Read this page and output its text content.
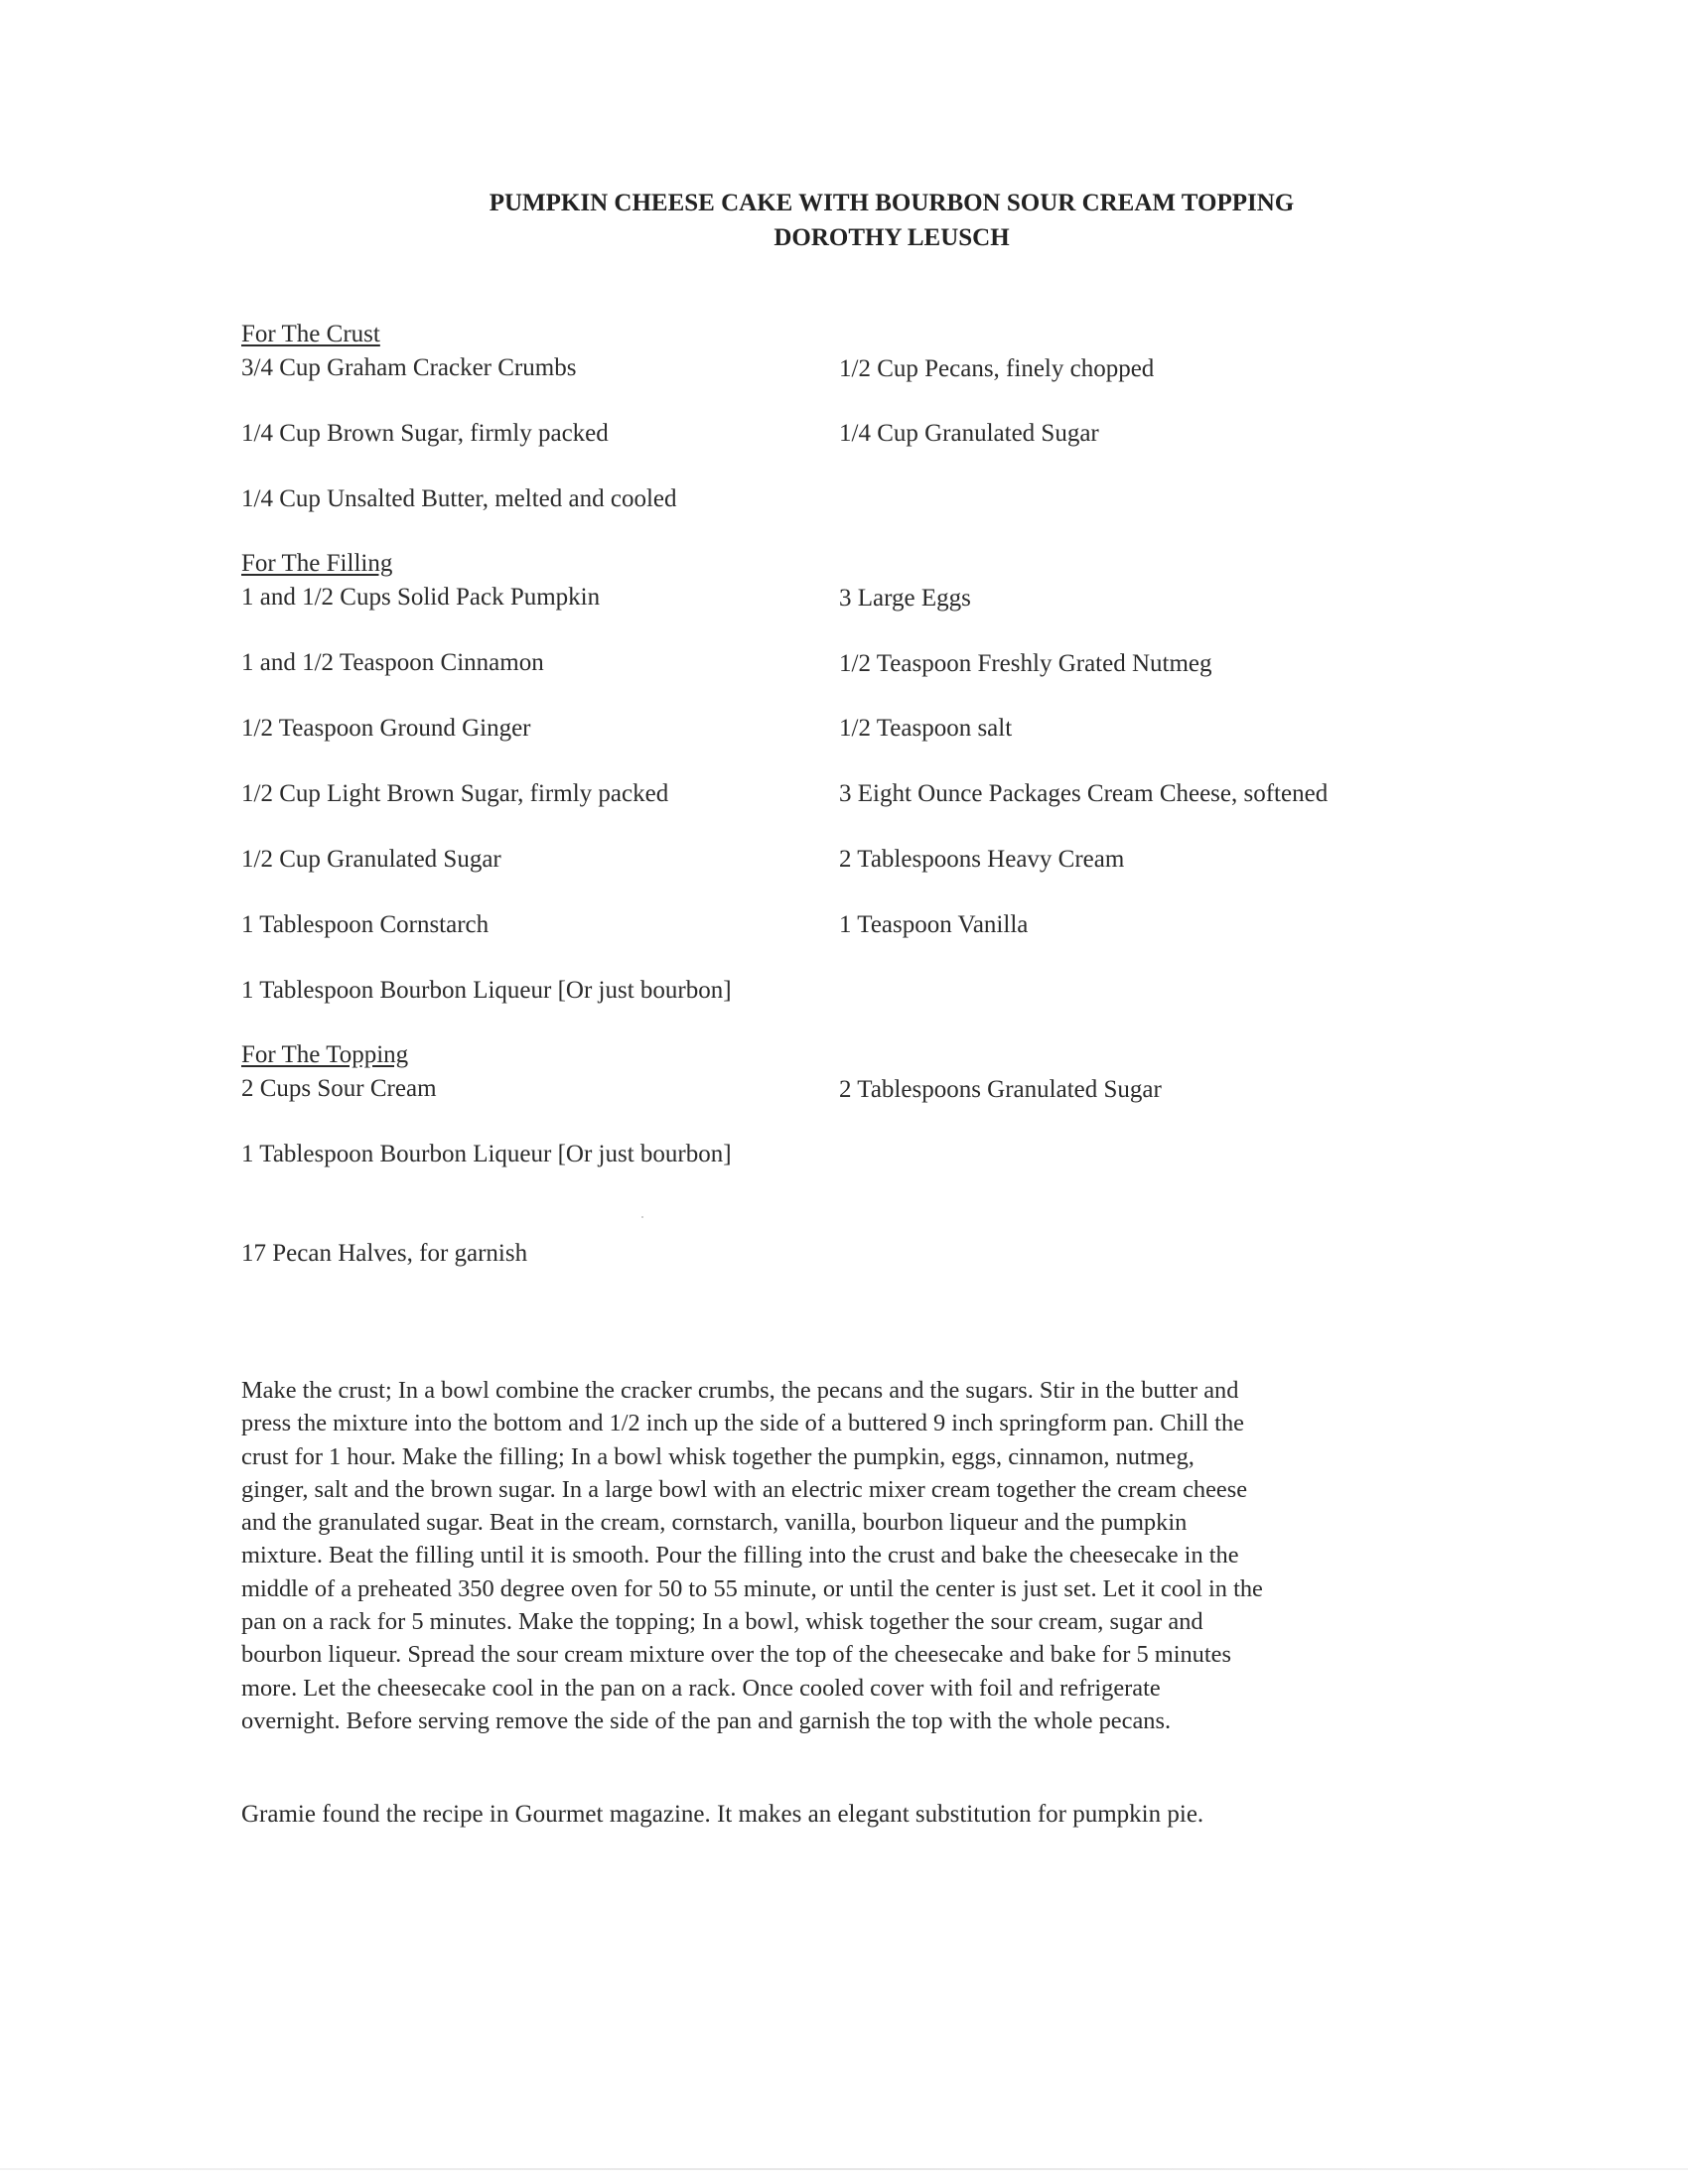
PUMPKIN CHEESE CAKE WITH BOURBON SOUR CREAM TOPPING
DOROTHY LEUSCH
For The Crust
3/4 Cup Graham Cracker Crumbs	1/2 Cup Pecans, finely chopped
1/4 Cup Brown Sugar, firmly packed	1/4 Cup Granulated Sugar
1/4 Cup Unsalted Butter, melted and cooled
For The Filling
1 and 1/2 Cups Solid Pack Pumpkin	3 Large Eggs
1 and 1/2 Teaspoon Cinnamon	1/2 Teaspoon Freshly Grated Nutmeg
1/2 Teaspoon Ground Ginger	1/2 Teaspoon salt
1/2 Cup Light Brown Sugar, firmly packed	3 Eight Ounce Packages Cream Cheese, softened
1/2 Cup Granulated Sugar	2 Tablespoons Heavy Cream
1 Tablespoon Cornstarch	1 Teaspoon Vanilla
1 Tablespoon Bourbon Liqueur [Or just bourbon]
For The Topping
2 Cups Sour Cream	2 Tablespoons Granulated Sugar
1 Tablespoon Bourbon Liqueur [Or just bourbon]
17 Pecan Halves, for garnish
Make the crust; In a bowl combine the cracker crumbs, the pecans and the sugars. Stir in the butter and
press the mixture into the bottom and 1/2 inch up the side of a buttered 9 inch springform pan. Chill the
crust for 1 hour. Make the filling; In a bowl whisk together the pumpkin, eggs, cinnamon, nutmeg,
ginger, salt and the brown sugar. In a large bowl with an electric mixer cream together the cream cheese
and the granulated sugar. Beat in the cream, cornstarch, vanilla, bourbon liqueur and the pumpkin
mixture. Beat the filling until it is smooth. Pour the filling into the crust and bake the cheesecake in the
middle of a preheated 350 degree oven for 50 to 55 minute, or until the center is just set. Let it cool in the
pan on a rack for 5 minutes. Make the topping; In a bowl, whisk together the sour cream, sugar and
bourbon liqueur. Spread the sour cream mixture over the top of the cheesecake and bake for 5 minutes
more. Let the cheesecake cool in the pan on a rack. Once cooled cover with foil and refrigerate
overnight. Before serving remove the side of the pan and garnish the top with the whole pecans.
Gramie found the recipe in Gourmet magazine. It makes an elegant substitution for pumpkin pie.
